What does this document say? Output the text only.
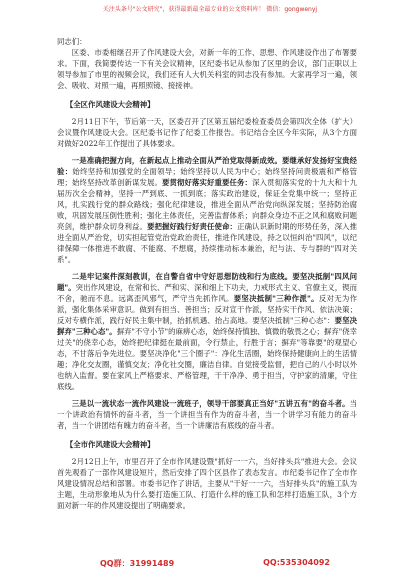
关注头条号"公文研究"，获得最新最全最专业的公文资料库！ 微信：gongwenyj

同志们：

区委、市委相继召开了作风建设大会，对新一年的工作、思想、作风建设作出了布署要求。下面，我简要传达一下有关会议精神，区纪委书记从参加了区里的会议，部门正职以上领导参加了市里的视频会议，我们还有人大机关科室的同志没有参加。大家再学习一遍，领会、吸收、对照一遍，再照照镜、接接神。

【全区作风建设大会精神】

2月11日下午，节后第一天，区委召开了区第五届纪委检查委员会第四次全体（扩大）会议暨作风建设大会。区纪委书记作了纪委工作报告。书记结合全区今年实际，从3个方面对做好2022年工作提出了具体要求。

一是准确把握方向，在新起点上推动全面从严治党取得新成效。要继承好发扬好宝贵经验：始终坚持和加强党的全面领导；始终坚持以人民为中心；始终坚持问责极震和严格管理；始终坚持改革创新谋发展。要贯彻好落实好重要任务：深入贯彻落实党的十九大和十九届历次全会精神，坚持一严到底、一抓到底；落实政治建设，保证全党集中统一；坚持正风，扎实践行党的群众路线；强化纪律建设，推进全面从严治党向纵深发展；坚持防治腐败，巩固发展压倒性胜利；强化主体责任，完善监督体系；向群众身边不正之风和腐败问题亮剑，维护群众切身利益。要把握好践行好责任使命：正确认识新时期的形势任务，深入推进全面从严治党，切实担起管党治党政治责任，推进作风建设，持之以恒纠治"四风"，以纪律保障一体推进不敢腐、不能腐、不想腐，持续推动标本兼治，纪与法、专与群的"四对关系"。

二是牢记案件深刻教训，在自警自省中守好思想防线和行为底线。要坚决抵制"四风问题"。突出作风建设，在常和长、严和实、深和细上下功夫，力戒形式主义、官僚主义，锲而不舍，驰而不息。远离歪风邪气，严守当先抓作风。要坚决抵制"三种作派"。反对无为作派，强化集体采审意识。做到有担当、善担当；反对宣干作派，坚持实干作风、依法决策；反对专横作派，践行好民主集中制，抬抓机遇、抬占高地。要坚决抵制"三种心态"：要坚决摒弃"三种心态"。摒弃"不守小节"的麻痹心态，始终保持慎独、慎微的敬畏之心；摒弃"侥幸过关"的侥幸心态，始终把纪律挺在最前面，令行禁止，行胜于言；摒弃"等靠要"的观望心态，不甘落后争先进位。要坚决净化"三个圈子"：净化生活圈，始终保持健康向上的生活情趣；净化交友圈，谨慎交友；净化社交圈，廉洁自律。自觉接受监督，把自己的八小时以外也纳入监督。要在家风上严格要求、严格管理，干干净净、勇于担当，守护家的清廉，守住底线。

三是以一流状态一流作风建设一流班子，领导干部要真正当好"五讲五有"的奋斗者。当一个讲政治有情怀的奋斗者，当一个讲担当有作为的奋斗者，当一个讲学习有能力的奋斗者，当一个讲团结有魄力的奋斗者，当一个讲廉洁有底线的奋斗者。

【全市作风建设大会精神】

2月12日上午，市里召开了全市作风建设暨"抓好一一六，当好排头兵"推进大会。会议首先观看了一部作风建设短片，然后安排了四个区县作了表态发言。市纪委书记作了全市作风建设情况总结和部署。市委书记作了讲话，主要从"干好一一六，当好排头兵"的施工队为主题，生动形象地从为什么要打造施工队、打造什么样的施工队和怎样打造施工队，3个方面对新一年的作风建设提出了明确要求。

QQ群：31991489	QQ:535304092
